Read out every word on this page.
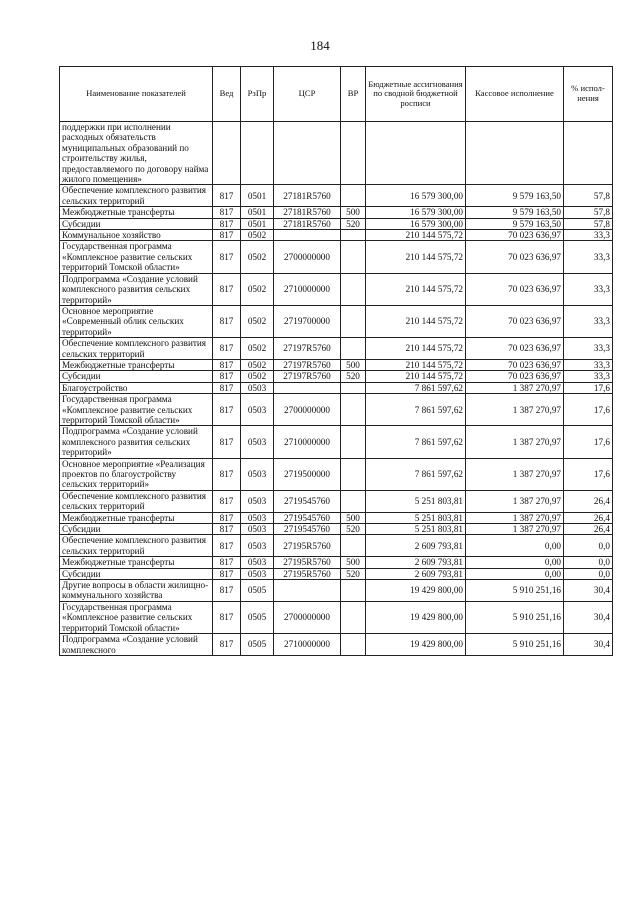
184
Наименование показателей	Вед	РзПр	ЦСР	ВР	Бюджетные ассигнования по сводной бюджетной росписи	Кассовое исполнение	% испол- нения
поддержки при исполнении расходных обязательств муниципальных образований по строительству жилья, предоставляемого по договору найма жилого помещения»							
Обеспечение комплексного развития сельских территорий	817	0501	27181R5760		16 579 300,00	9 579 163,50	57,8
Межбюджетные трансферты	817	0501	27181R5760	500	16 579 300,00	9 579 163,50	57,8
Субсидии	817	0501	27181R5760	520	16 579 300,00	9 579 163,50	57,8
Коммунальное хозяйство	817	0502			210 144 575,72	70 023 636,97	33,3
Государственная программа «Комплексное развитие сельских территорий Томской области»	817	0502	2700000000		210 144 575,72	70 023 636,97	33,3
Подпрограмма «Создание условий комплексного развития сельских территорий»	817	0502	2710000000		210 144 575,72	70 023 636,97	33,3
Основное мероприятие «Современный облик сельских территорий»	817	0502	2719700000		210 144 575,72	70 023 636,97	33,3
Обеспечение комплексного развития сельских территорий	817	0502	27197R5760		210 144 575,72	70 023 636,97	33,3
Межбюджетные трансферты	817	0502	27197R5760	500	210 144 575,72	70 023 636,97	33,3
Субсидии	817	0502	27197R5760	520	210 144 575,72	70 023 636,97	33,3
Благоустройство	817	0503			7 861 597,62	1 387 270,97	17,6
Государственная программа «Комплексное развитие сельских территорий Томской области»	817	0503	2700000000		7 861 597,62	1 387 270,97	17,6
Подпрограмма «Создание условий комплексного развития сельских территорий»	817	0503	2710000000		7 861 597,62	1 387 270,97	17,6
Основное мероприятие «Реализация проектов по благоустройству сельских территорий»	817	0503	2719500000		7 861 597,62	1 387 270,97	17,6
Обеспечение комплексного развития сельских территорий	817	0503	2719545760		5 251 803,81	1 387 270,97	26,4
Межбюджетные трансферты	817	0503	2719545760	500	5 251 803,81	1 387 270,97	26,4
Субсидии	817	0503	2719545760	520	5 251 803,81	1 387 270,97	26,4
Обеспечение комплексного развития сельских территорий	817	0503	27195R5760		2 609 793,81	0,00	0,0
Межбюджетные трансферты	817	0503	27195R5760	500	2 609 793,81	0,00	0,0
Субсидии	817	0503	27195R5760	520	2 609 793,81	0,00	0,0
Другие вопросы в области жилищно-коммунального хозяйства	817	0505			19 429 800,00	5 910 251,16	30,4
Государственная программа «Комплексное развитие сельских территорий Томской области»	817	0505	2700000000		19 429 800,00	5 910 251,16	30,4
Подпрограмма «Создание условий комплексного	817	0505	2710000000		19 429 800,00	5 910 251,16	30,4
